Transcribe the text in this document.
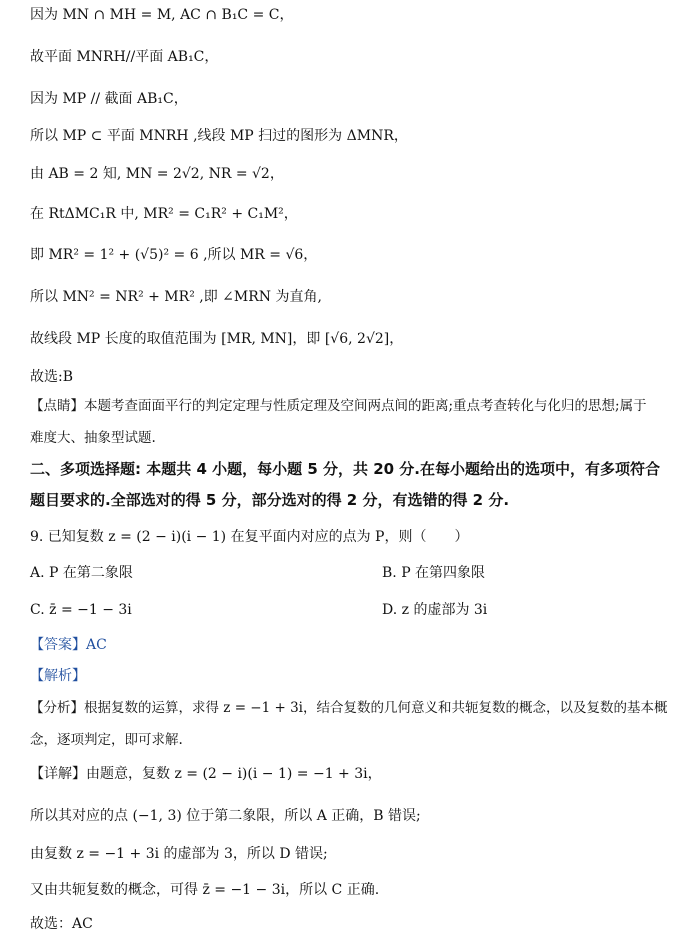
因为 MN ∩ MH = M, AC ∩ B₁C = C，
故平面 MNRH//平面 AB₁C，
因为 MP // 截面 AB₁C，
所以 MP ⊂ 平面 MNRH ,线段 MP 扫过的图形为 ΔMNR，
由 AB = 2 知, MN = 2√2, NR = √2，
在 RtΔMC₁R 中, MR² = C₁R² + C₁M²，
即 MR² = 1² + (√5)² = 6 ,所以 MR = √6，
所以 MN² = NR² + MR² ,即 ∠MRN 为直角,
故线段 MP 长度的取值范围为 [MR, MN]，即 [√6, 2√2]，
故选:B
【点睛】本题考查面面平行的判定定理与性质定理及空间两点间的距离;重点考查转化与化归的思想;属于
难度大、抽象型试题.
二、多项选择题: 本题共 4 小题，每小题 5 分，共 20 分.在每小题给出的选项中，有多项符合
题目要求的.全部选对的得 5 分，部分选对的得 2 分，有选错的得 2 分.
9. 已知复数 z = (2 − i)(i − 1) 在复平面内对应的点为 P，则（　　）
A. P 在第二象限	B. P 在第四象限
C. z̄ = −1 − 3i	D. z 的虚部为 3i
【答案】AC
【解析】
【分析】根据复数的运算，求得 z = −1 + 3i，结合复数的几何意义和共轭复数的概念，以及复数的基本概
念，逐项判定，即可求解.
【详解】由题意，复数 z = (2 − i)(i − 1) = −1 + 3i，
所以其对应的点 (−1, 3) 位于第二象限，所以 A 正确，B 错误;
由复数 z = −1 + 3i 的虚部为 3，所以 D 错误;
又由共轭复数的概念，可得 z̄ = −1 − 3i，所以 C 正确.
故选：AC
